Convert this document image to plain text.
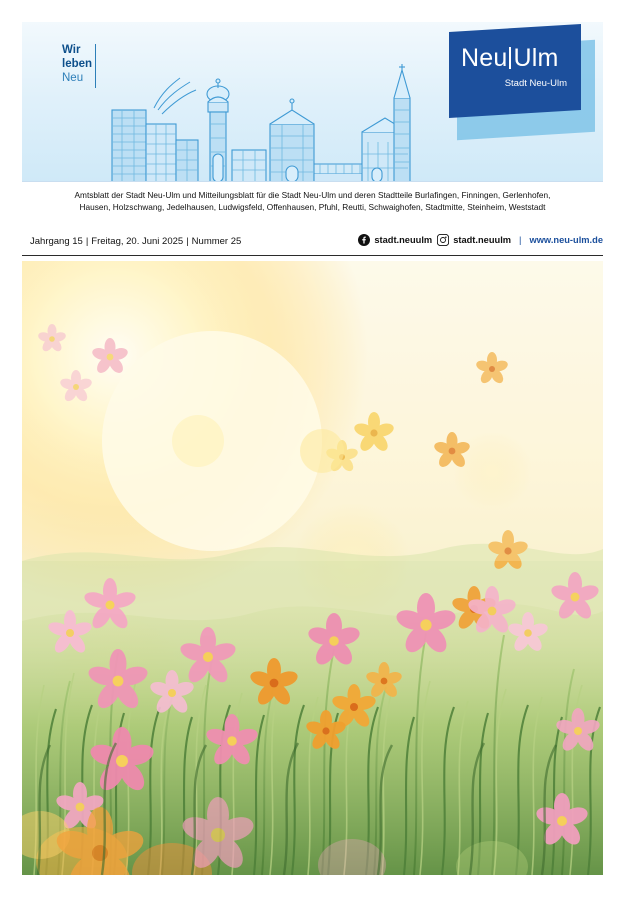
Wir
leben
Neu
Neu Ulm
Stadt Neu-Ulm
Amtsblatt der Stadt Neu-Ulm und Mitteilungsblatt für die Stadt Neu-Ulm und deren Stadtteile Burlafingen, Finningen, Gerlenhofen,
Hausen, Holzschwang, Jedelhausen, Ludwigsfeld, Offenhausen, Pfuhl, Reutti, Schwaighofen, Stadtmitte, Steinheim, Weststadt
Jahrgang 15 | Freitag, 20. Juni 2025 | Nummer 25	stadt.neuulm stadt.neuulm | www.neu-ulm.de
